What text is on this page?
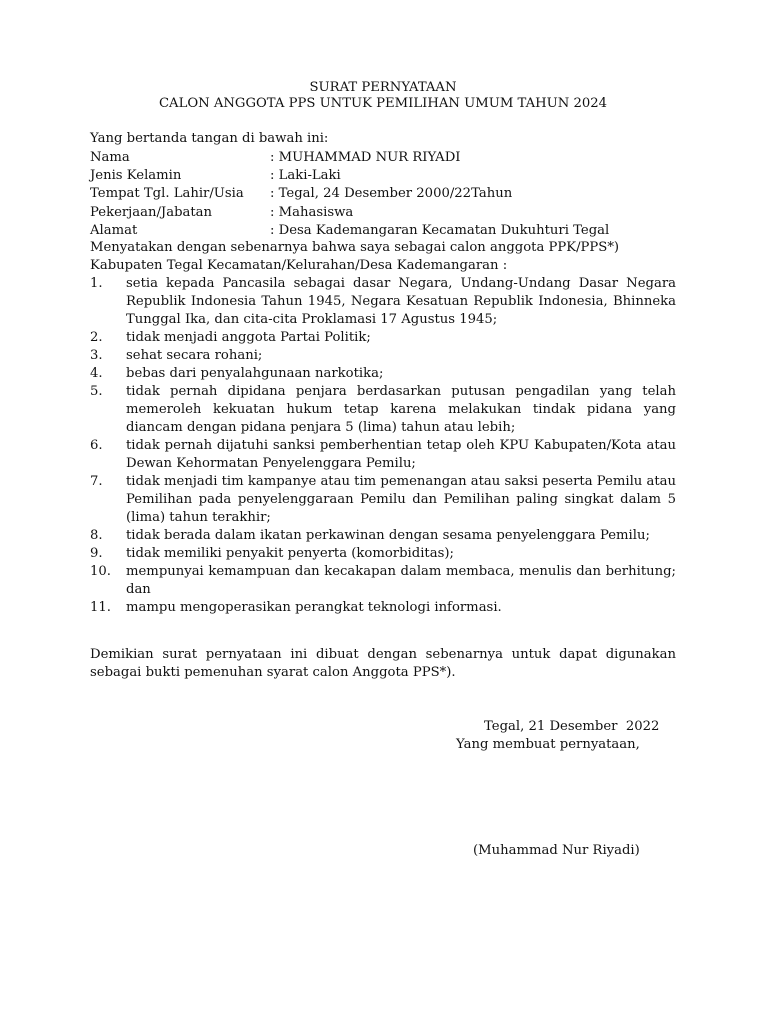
SURAT PERNYATAAN
CALON ANGGOTA PPS UNTUK PEMILIHAN UMUM TAHUN 2024
Yang bertanda tangan di bawah ini:
Nama	: MUHAMMAD NUR RIYADI
Jenis Kelamin	: Laki-Laki
Tempat Tgl. Lahir/Usia	: Tegal, 24 Desember 2000/22Tahun
Pekerjaan/Jabatan	: Mahasiswa
Alamat	: Desa Kademangaran Kecamatan Dukuhturi Tegal
Menyatakan dengan sebenarnya bahwa saya sebagai calon anggota PPK/PPS*)
Kabupaten Tegal Kecamatan/Kelurahan/Desa Kademangaran :
1.	setia kepada Pancasila sebagai dasar Negara, Undang-Undang Dasar Negara Republik Indonesia Tahun 1945, Negara Kesatuan Republik Indonesia, Bhinneka Tunggal Ika, dan cita-cita Proklamasi 17 Agustus 1945;
2.	tidak menjadi anggota Partai Politik;
3.	sehat secara rohani;
4.	bebas dari penyalahgunaan narkotika;
5.	tidak pernah dipidana penjara berdasarkan putusan pengadilan yang telah memeroleh kekuatan hukum tetap karena melakukan tindak pidana yang diancam dengan pidana penjara 5 (lima) tahun atau lebih;
6.	tidak pernah dijatuhi sanksi pemberhentian tetap oleh KPU Kabupaten/Kota atau Dewan Kehormatan Penyelenggara Pemilu;
7.	tidak menjadi tim kampanye atau tim pemenangan atau saksi peserta Pemilu atau Pemilihan pada penyelenggaraan Pemilu dan Pemilihan paling singkat dalam 5 (lima) tahun terakhir;
8.	tidak berada dalam ikatan perkawinan dengan sesama penyelenggara Pemilu;
9.	tidak memiliki penyakit penyerta (komorbiditas);
10.	mempunyai kemampuan dan kecakapan dalam membaca, menulis dan berhitung; dan
11.	mampu mengoperasikan perangkat teknologi informasi.
Demikian surat pernyataan ini dibuat dengan sebenarnya untuk dapat digunakan sebagai bukti pemenuhan syarat calon Anggota PPS*).
Tegal, 21 Desember  2022
Yang membuat pernyataan,
(Muhammad Nur Riyadi)
